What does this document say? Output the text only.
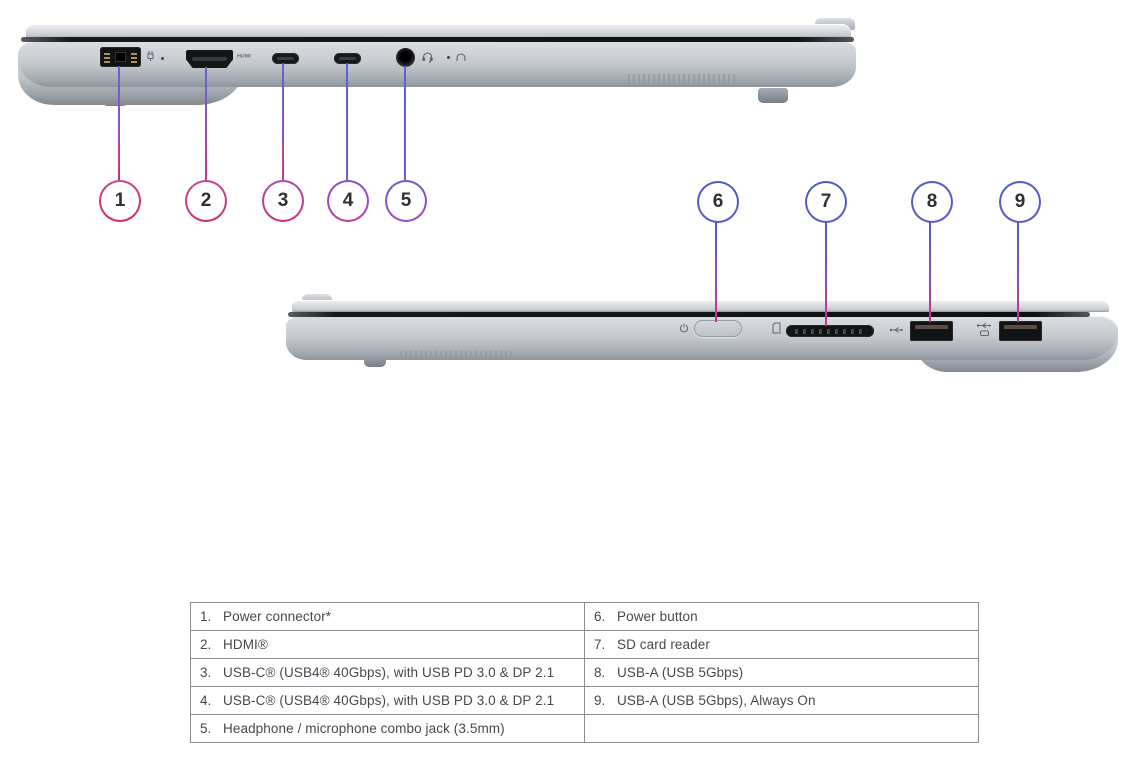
HDMI
1	2	3	4 5	6	7	8	9
1. Power connector*	6. Power button
2. HDMI®	7. SD card reader
3. USB-C® (USB4® 40Gbps), with USB PD 3.0 & DP 2.1	8. USB-A (USB 5Gbps)
4. USB-C® (USB4® 40Gbps), with USB PD 3.0 & DP 2.1	9. USB-A (USB 5Gbps), Always On
5. Headphone / microphone combo jack (3.5mm)	
